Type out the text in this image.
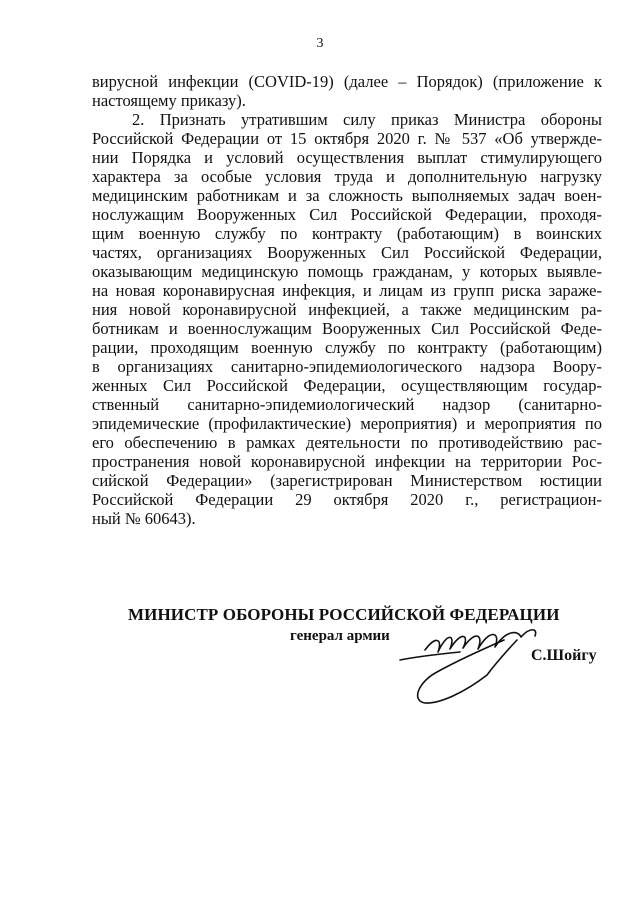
3
вирусной инфекции (COVID-19) (далее – Порядок) (приложение к
настоящему приказу).
2. Признать утратившим силу приказ Министра обороны
Российской Федерации от 15 октября 2020 г. № 537 «Об утвержде-
нии Порядка и условий осуществления выплат стимулирующего
характера за особые условия труда и дополнительную нагрузку
медицинским работникам и за сложность выполняемых задач воен-
нослужащим Вооруженных Сил Российской Федерации, проходя-
щим военную службу по контракту (работающим) в воинских
частях, организациях Вооруженных Сил Российской Федерации,
оказывающим медицинскую помощь гражданам, у которых выявле-
на новая коронавирусная инфекция, и лицам из групп риска зараже-
ния новой коронавирусной инфекцией, а также медицинским ра-
ботникам и военнослужащим Вооруженных Сил Российской Феде-
рации, проходящим военную службу по контракту (работающим)
в организациях санитарно-эпидемиологического надзора Воору-
женных Сил Российской Федерации, осуществляющим государ-
ственный санитарно-эпидемиологический надзор (санитарно-
эпидемические (профилактические) мероприятия) и мероприятия по
его обеспечению в рамках деятельности по противодействию рас-
пространения новой коронавирусной инфекции на территории Рос-
сийской Федерации» (зарегистрирован Министерством юстиции
Российской Федерации 29 октября 2020 г., регистрацион-
ный № 60643).
МИНИСТР ОБОРОНЫ РОССИЙСКОЙ ФЕДЕРАЦИИ
генерал армии
С.Шойгу
